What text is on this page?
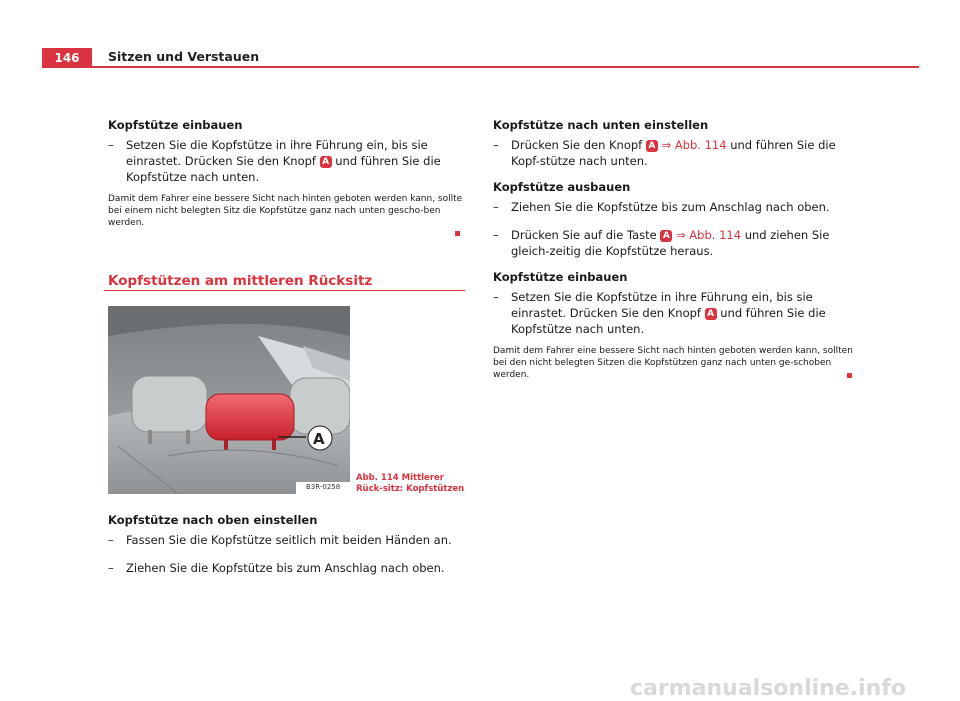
146	Sitzen und Verstauen

Kopfstütze einbauen

– Setzen Sie die Kopfstütze in ihre Führung ein, bis sie einrastet. Drücken Sie den Knopf A und führen Sie die Kopfstütze nach unten.

Damit dem Fahrer eine bessere Sicht nach hinten geboten werden kann, sollte bei einem nicht belegten Sitz die Kopfstütze ganz nach unten gescho-ben werden.

Kopfstützen am mittleren Rücksitz
A
B3R-0258
Abb. 114 Mittlerer Rück-sitz: Kopfstützen

Kopfstütze nach oben einstellen

– Fassen Sie die Kopfstütze seitlich mit beiden Händen an.

– Ziehen Sie die Kopfstütze bis zum Anschlag nach oben.

Kopfstütze nach unten einstellen

– Drücken Sie den Knopf A ⇒ Abb. 114 und führen Sie die Kopf-stütze nach unten.

Kopfstütze ausbauen

– Ziehen Sie die Kopfstütze bis zum Anschlag nach oben.

– Drücken Sie auf die Taste A ⇒ Abb. 114 und ziehen Sie gleich-zeitig die Kopfstütze heraus.

Kopfstütze einbauen

– Setzen Sie die Kopfstütze in ihre Führung ein, bis sie einrastet. Drücken Sie den Knopf A und führen Sie die Kopfstütze nach unten.

Damit dem Fahrer eine bessere Sicht nach hinten geboten werden kann, sollten bei den nicht belegten Sitzen die Kopfstützen ganz nach unten ge-schoben werden.

carmanualsonline.info
